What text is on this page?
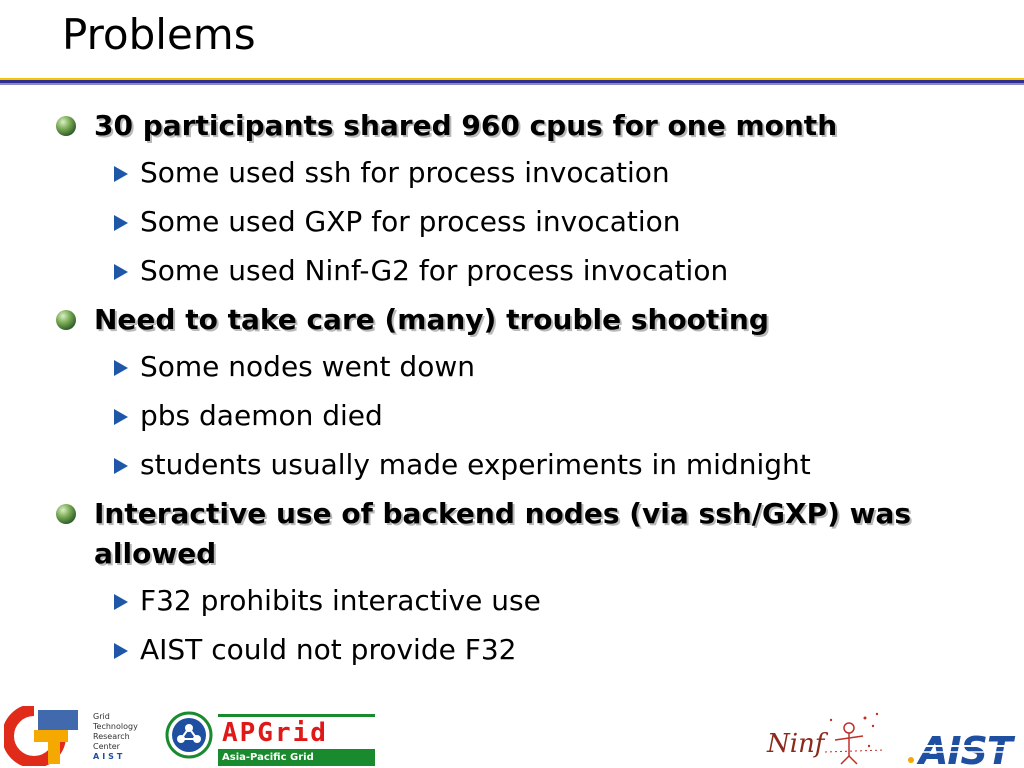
Problems
30 participants shared 960 cpus for one month
Some used ssh for process invocation
Some used GXP for process invocation
Some used Ninf-G2 for process invocation
Need to take care (many) trouble shooting
Some nodes went down
pbs daemon died
students usually made experiments in midnight
Interactive use of backend nodes (via ssh/GXP) was allowed
F32 prohibits interactive use
AIST could not provide F32
Grid
Technology
Research
Center
AIST
APGrid
Asia-Pacific Grid	Ninf AIST
